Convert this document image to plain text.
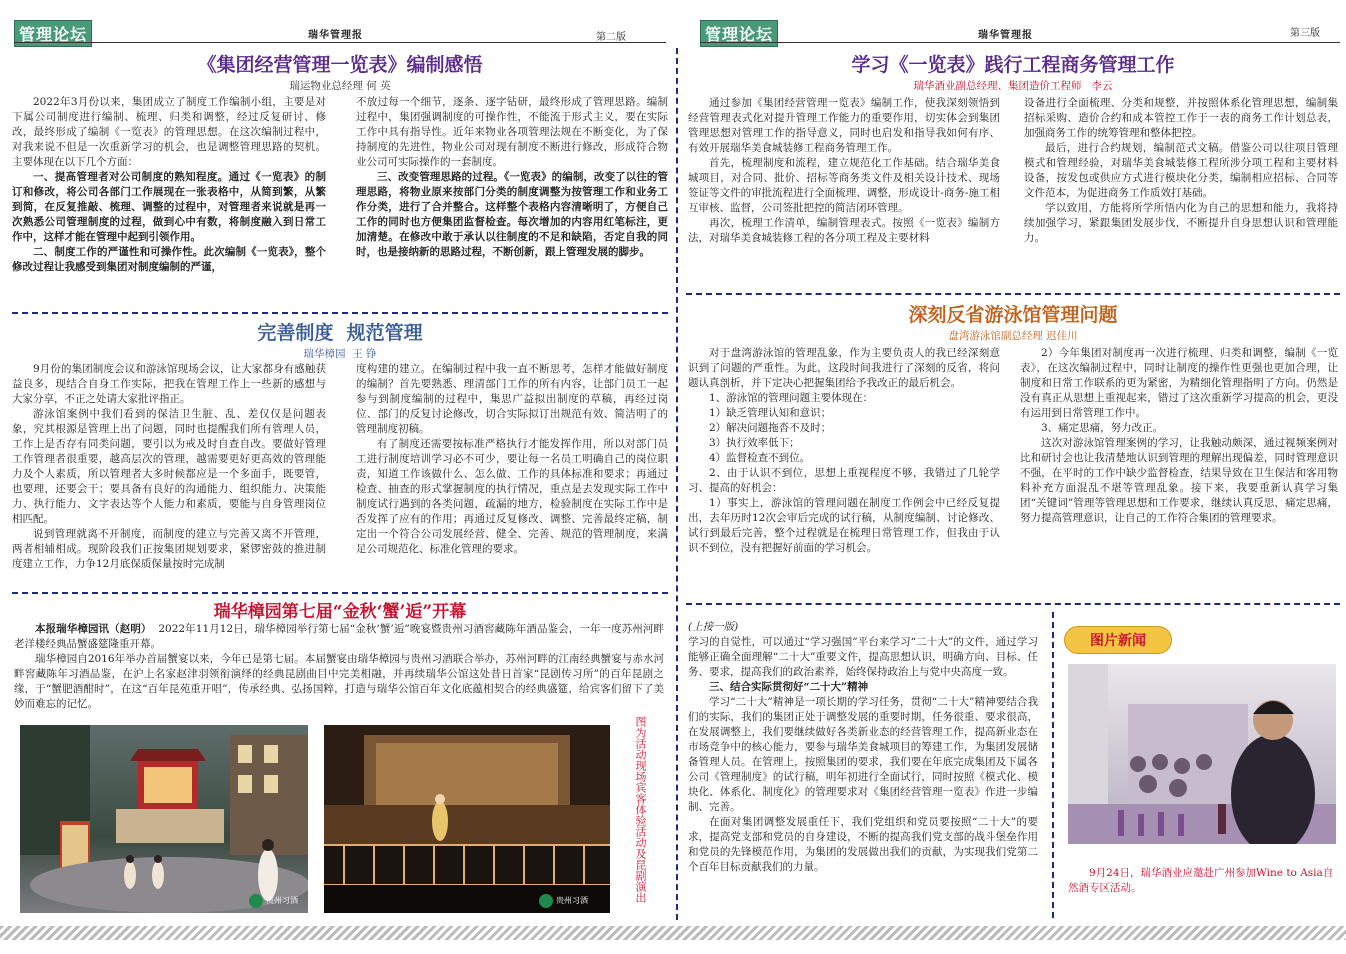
管理论坛	瑞华管理报	第二版
《集团经营管理一览表》编制感悟
瑞运物业总经理 何 英

2022年3月份以来，集团成立了制度工作编制小组，主要是对下属公司制度进行编制、梳理、归类和调整，经过反复研讨、修改，最终形成了编制《一览表》的管理思想。在这次编制过程中，对我来说不但是一次重新学习的机会，也是调整管理思路的契机。主要体现在以下几个方面：

一、提高管理者对公司制度的熟知程度。通过《一览表》的制订和修改，将公司各部门工作展现在一张表格中，从简到繁，从繁到简，在反复推敲、梳理、调整的过程中，对管理者来说就是再一次熟悉公司管理制度的过程，做到心中有数，将制度融入到日常工作中，这样才能在管理中起到引领作用。

二、制度工作的严谨性和可操作性。此次编制《一览表》，整个修改过程让我感受到集团对制度编制的严谨，

不放过每一个细节，逐条、逐字钻研，最终形成了管理思路。编制过程中，集团强调制度的可操作性，不能流于形式主义，要在实际工作中具有指导性。近年来物业各项管理法规在不断变化，为了保持制度的先进性，物业公司对现有制度不断进行修改，形成符合物业公司可实际操作的一套制度。

三、改变管理思路的过程。《一览表》的编制，改变了以往的管理思路，将物业原来按部门分类的制度调整为按管理工作和业务工作分类，进行了合并整合。这样整个表格内容清晰明了，方便自己工作的同时也方便集团监督检查。每次增加的内容用红笔标注，更加清楚。在修改中敢于承认以往制度的不足和缺陷，否定自我的同时，也是接纳新的思路过程，不断创新，跟上管理发展的脚步。

完善制度  规范管理
瑞华樟园  王 铮

9月份的集团制度会议和游泳馆现场会议，让大家都身有感触获益良多，现结合自身工作实际，把我在管理工作上一些新的感想与大家分享，不正之处请大家批评指正。

游泳馆案例中我们看到的保洁卫生脏、乱、差仅仅是问题表象，究其根源是管理上出了问题，同时也提醒我们所有管理人员，工作上是否存有同类问题，要引以为戒及时自查自改。要做好管理工作管理者很重要，越高层次的管理，越需要更好更高效的管理能力及个人素质，所以管理者大多时候都应是一个多面手，既要管，也要理，还要会干；要具备有良好的沟通能力、组织能力、决策能力、执行能力、文字表达等个人能力和素质，要能与自身管理岗位相匹配。

说到管理就离不开制度，而制度的建立与完善又离不开管理，两者相辅相成。现阶段我们正按集团规划要求，紧锣密鼓的推进制度建立工作，力争12月底保质保量按时完成制

度构建的建立。在编制过程中我一直不断思考，怎样才能做好制度的编制？首先要熟悉、理清部门工作的所有内容，让部门员工一起参与到制度编制的过程中，集思广益拟出制度的草稿，再经过岗位、部门的反复讨论修改，切合实际拟订出规范有效、简洁明了的管理制度初稿。

有了制度还需要按标准严格执行才能发挥作用，所以对部门员工进行制度培训学习必不可少，要让每一名员工明确自己的岗位职责，知道工作该做什么、怎么做、工作的具体标准和要求；再通过检查、抽查的形式掌握制度的执行情况，重点是去发现实际工作中制度试行遇到的各类问题，疏漏的地方，检验制度在实际工作中是否发挥了应有的作用；再通过反复修改、调整、完善最终定稿，制定出一个符合公司发展经营、健全、完善、规范的管理制度，来满足公司规范化、标准化管理的要求。

瑞华樟园第七届“金秋‘蟹’逅”开幕

本报瑞华樟园讯（赵明） 2022年11月12日，瑞华樟园举行第七届“金秋‘蟹’逅”晚宴暨贵州习酒窖藏陈年酒品鉴会，一年一度苏州河畔老洋楼经典品蟹盛筵隆重开幕。

瑞华樟园自2016年举办首届蟹宴以来，今年已是第七届。本届蟹宴由瑞华樟园与贵州习酒联合举办，苏州河畔的江南经典蟹宴与赤水河畔窖藏陈年习酒品鉴，在沪上名家赵津羽领衔演绎的经典昆剧曲目中完美相融，并再续瑞华公馆这处昔日首家“昆剧传习所”的百年昆剧之缘，于“蟹肥酒酣时”，在这“百年昆苑重开唱”，传承经典、弘扬国粹，打造与瑞华公馆百年文化底蕴相契合的经典盛筵，给宾客们留下了美妙而难忘的记忆。

贵州习酒	贵州习酒	图为活动现场宾客体验活动及昆剧演出
管理论坛	瑞华管理报	第三版
学习《一览表》践行工程商务管理工作
瑞华酒业副总经理、集团造价工程师   李云

通过参加《集团经营管理一览表》编制工作，使我深刻领悟到经营管理表式化对提升管理工作能力的重要作用，切实体会到集团管理思想对管理工作的指导意义，同时也启发和指导我如何有序、有效开展瑞华美食城装修工程商务管理工作。

首先，梳理制度和流程，建立规范化工作基础。结合瑞华美食城项目，对合同、批价、招标等商务类文件及相关设计技术、现场签证等文件的审批流程进行全面梳理、调整，形成设计-商务-施工相互审核、监督，公司签批把控的简洁闭环管理。

再次，梳理工作清单，编制管理表式。按照《一览表》编制方法，对瑞华美食城装修工程的各分项工程及主要材料

设备进行全面梳理、分类和规整，并按照体系化管理思想，编制集招标采购、造价合约和成本管控工作于一表的商务工作计划总表，加强商务工作的统筹管理和整体把控。

最后，进行合约规划，编制范式文稿。借鉴公司以往项目管理模式和管理经验，对瑞华美食城装修工程所涉分项工程和主要材料设备，按发包或供应方式进行模块化分类，编制相应招标、合同等文件范本，为促进商务工作质效打基础。

学以致用，方能将所学所悟内化为自己的思想和能力，我将持续加强学习，紧跟集团发展步伐，不断提升自身思想认识和管理能力。

深刻反省游泳馆管理问题
盘湾游泳馆副总经理 迟佳川

对于盘湾游泳馆的管理乱象，作为主要负责人的我已经深刻意识到了问题的严重性。为此，这段时间我进行了深刻的反省，将问题认真剖析，并下定决心把握集团给予我改正的最后机会。

1、游泳馆的管理问题主要体现在：

1）缺乏管理认知和意识；

2）解决问题拖沓不及时；

3）执行效率低下；

4）监督检查不到位。

2、由于认识不到位，思想上重视程度不够，我错过了几轮学习、提高的好机会：

1）事实上，游泳馆的管理问题在制度工作例会中已经反复提出，去年历时12次会审后完成的试行稿，从制度编制、讨论修改、试行到最后完善，整个过程就是在梳理日常管理工作，但我由于认识不到位，没有把握好前面的学习机会。

2）今年集团对制度再一次进行梳理、归类和调整，编制《一览表》，在这次编制过程中，同时让制度的操作性更强也更加合理，让制度和日常工作联系的更为紧密，为精细化管理指明了方向。仍然是没有真正从思想上重视起来，错过了这次重新学习提高的机会，更没有运用到日常管理工作中。

3、痛定思痛，努力改正。

这次对游泳馆管理案例的学习，让我触动颇深，通过视频案例对比和研讨会也让我清楚地认识到管理的理解出现偏差，同时管理意识不强，在平时的工作中缺少监督检查，结果导致在卫生保洁和客用物料补充方面混乱不堪等管理乱象。接下来，我要重新认真学习集团“关键词”管理等管理思想和工作要求，继续认真反思，痛定思痛，努力提高管理意识，让自己的工作符合集团的管理要求。

(上接一版)

学习的自觉性，可以通过“学习强国”平台来学习“二十大”的文件，通过学习能够正确全面理解“二十大”重要文件，提高思想认识，明确方向、目标、任务、要求，提高我们的政治素养，始终保持政治上与党中央高度一致。

三、结合实际贯彻好“二十大”精神

学习“二十大”精神是一项长期的学习任务，贯彻“二十大”精神要结合我们的实际，我们的集团正处于调整发展的重要时期，任务很重、要求很高，在发展调整上，我们要继续做好各类新业态的经营管理工作，提高新业态在市场竞争中的核心能力，要参与瑞华美食城项目的筹建工作，为集团发展储备管理人员。在管理上，按照集团的要求，我们要在年底完成集团及下属各公司《管理制度》的试行稿，明年初进行全面试行，同时按照《模式化、模块化、体系化、制度化》的管理要求对《集团经营管理一览表》作进一步编制、完善。

在面对集团调整发展重任下，我们党组织和党员要按照“二十大”的要求，提高党支部和党员的自身建设，不断的提高我们党支部的战斗堡垒作用和党员的先锋模范作用，为集团的发展做出我们的贡献，为实现我们党第二个百年目标贡献我们的力量。

图片新闻
9月24日，瑞华酒业应邀赴广州参加Wine to Asia自然酒专区活动。
